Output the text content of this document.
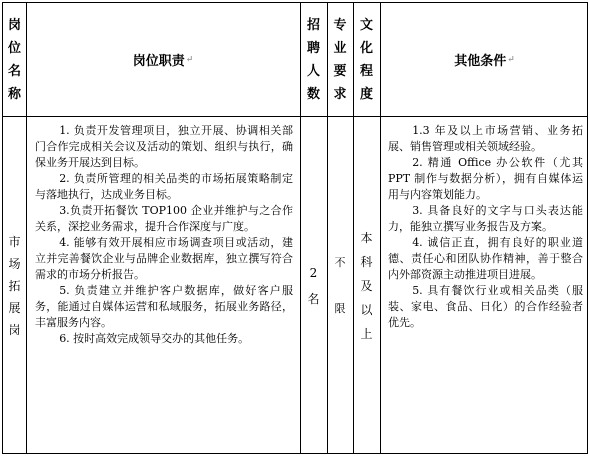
岗
位
名
称
岗位职责 ↵
招
聘
人
数
专
业
要
求
文
化
程
度
其他条件 ↵
市
场
拓
展
岗

1. 负责开发管理项目，独立开展、协调相关部门合作完成相关会议及活动的策划、组织与执行，确保业务开展达到目标。

2. 负责所管理的相关品类的市场拓展策略制定与落地执行，达成业务目标。

3.负责开拓餐饮 TOP100 企业并维护与之合作关系，深挖业务需求，提升合作深度与广度。

4. 能够有效开展相应市场调查项目或活动，建立并完善餐饮企业与品牌企业数据库，独立撰写符合需求的市场分析报告。

5. 负责建立并维护客户数据库，做好客户服务，能通过自媒体运营和私域服务，拓展业务路径，丰富服务内容。

6. 按时高效完成领导交办的其他任务。

2
名
不
限
本
科
及
以
上

1.3 年及以上市场营销、业务拓展、销售管理或相关领域经验。

2. 精通 Office 办公软件（尤其 PPT 制作与数据分析），拥有自媒体运用与内容策划能力。

3. 具备良好的文字与口头表达能力，能独立撰写业务报告及方案。

4. 诚信正直，拥有良好的职业道德、责任心和团队协作精神，善于整合内外部资源主动推进项目进展。

5. 具有餐饮行业或相关品类（服装、家电、食品、日化）的合作经验者优先。
